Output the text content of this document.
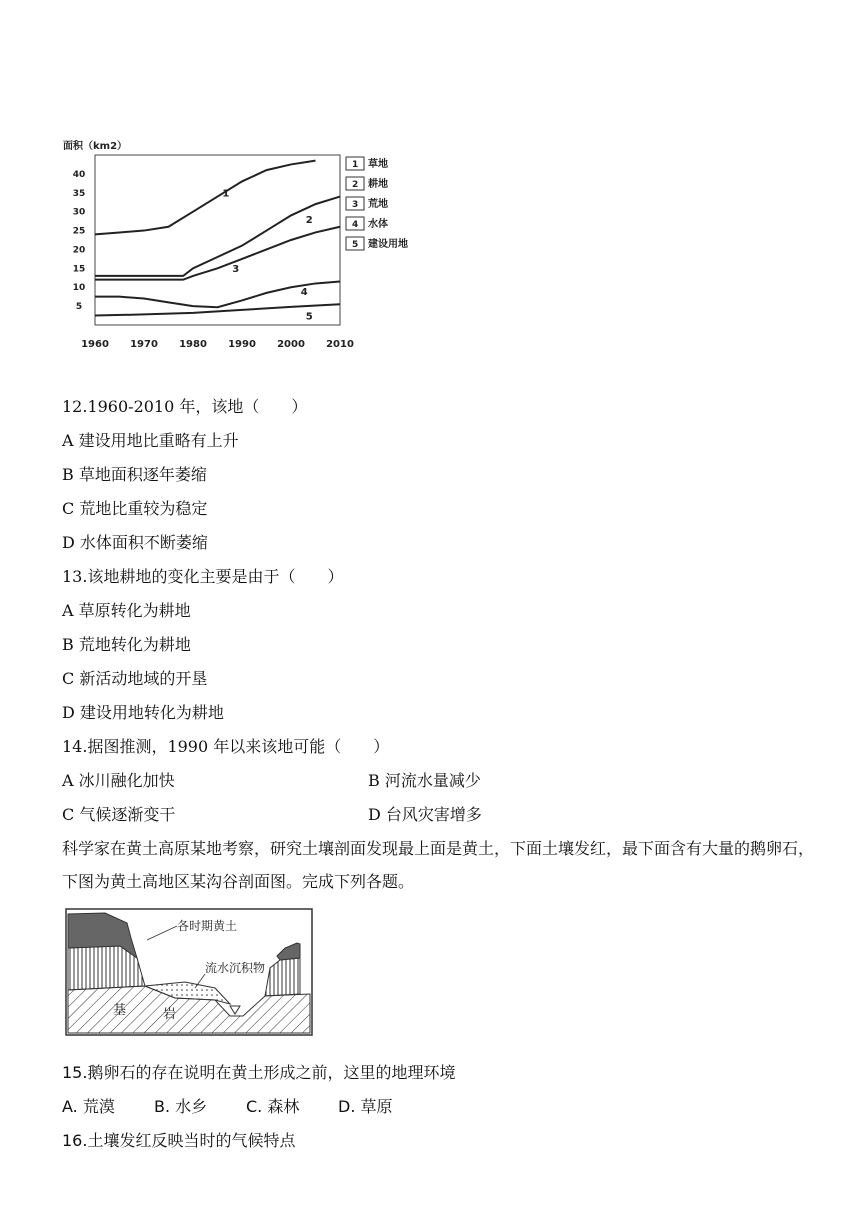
面积（km2）
5
10
15
20
25
30
35
40
1960 1970 1980 1990 2000 2010
1
2
3
4
5
1 草地
2 耕地
3 荒地
4 水体
5 建设用地
12.1960-2010 年，该地（　　）
A 建设用地比重略有上升
B 草地面积逐年萎缩
C 荒地比重较为稳定
D 水体面积不断萎缩
13.该地耕地的变化主要是由于（　　）
A 草原转化为耕地
B 荒地转化为耕地
C 新活动地域的开垦
D 建设用地转化为耕地
14.据图推测，1990 年以来该地可能（　　）
A 冰川融化加快	B 河流水量减少
C 气候逐渐变干	D 台风灾害增多
科学家在黄土高原某地考察，研究土壤剖面发现最上面是黄土，下面土壤发红，最下面含有大量的鹅卵石，下图为黄土高地区某沟谷剖面图。完成下列各题。
各时期黄土
流水沉积物
基	岩
15.鹅卵石的存在说明在黄土形成之前，这里的地理环境
A. 荒漠 B. 水乡 C. 森林 D. 草原
16.土壤发红反映当时的气候特点
